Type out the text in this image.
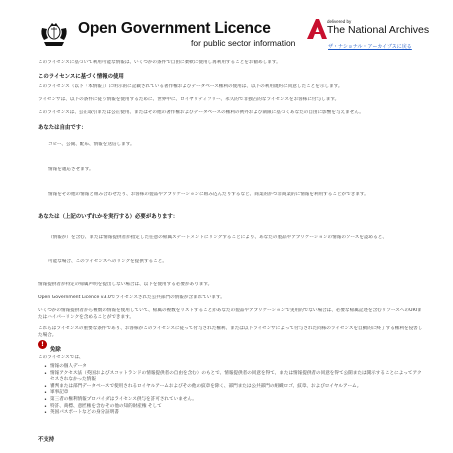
Open Government Licence
for public sector information
delivered by
The National Archives
ザ・ナショナル・アーカイブスに戻る
このライセンスに基づいて利用可能な情報は、いくつかの条件で自由に柔軟に使用し再利用することをお勧めします。
このライセンスに基づく情報の使用
このライセンス（以下「本情報」）に明示的に記載されている著作権およびデータベース権利の使用は、以下の利用規約に同意したことを示します。
ライセンサは、以下の条件に従う情報を使用するために、世界中に、ロイヤリティフリー、永久的で非独占的なライセンスをお客様に付与します。
このライセンスは、公正取引または公正使用、またはその他の著作権およびデータベースの権利の例外および制限に基づくあなたの自由に影響を与えません。
あなたは自由です：
コピー、公開、配布、情報を送信します。
情報を適応させます。
情報をその他の情報と組み合わせたり、お客様の製品やアプリケーションに組み込んだりするなど、商業的かつ非商業的に情報を利用することができます。
あなたは（上記のいずれかを実行する）必要があります：
（情報が）を含む、または情報提供者が指定した任意の帰属ステートメントにリンクすることにより、あなたの製品やアプリケーションの情報のソースを認めると、
可能な場合、このライセンスへのリンクを提供すること。
情報提供者が特定の帰属声明を提出しない場合は、以下を使用する必要があります。
Open Government Licence v3.0でライセンスされた公共部門の情報が含まれています。
いくつかの情報提供者から複数の情報を使用していて、帰属の複数をリストすることがあなたの製品やアプリケーションで実用的でない場合は、必要な帰属記述を含むリソースへのURIまたはハイパーリンクを含めることができます。
これらはライセンスの重要な条件であり、お客様がこのライセンスに従って付与された権利、または以下ライセンサによって付与された同様のライセンスを自動的に終了する権利を侵害した場合。
!
免除
このライセンスでは、
• 情報の個人データ
• 情報アクセス法（英国およびスコットランドの情報提供者の自由を含む）のもとで、情報提供者の同意を得て、または情報提供者の同意を得て公開または開示することによってアクセスされなかった情報
• 審判または部門データベースで使用されるロイヤルアームおよびその他の紋章を除く、部門または公共部門の組織ロゴ、紋章、およびロイヤルアーム。
• 軍事記章
• 第三者の権利情報プロバイダはライセンス供与を許可されていません。
• 特許、商標、意匠権を含むその他の知的財産権 そして
• 英国パスポートなどの身分証明書
不支持
